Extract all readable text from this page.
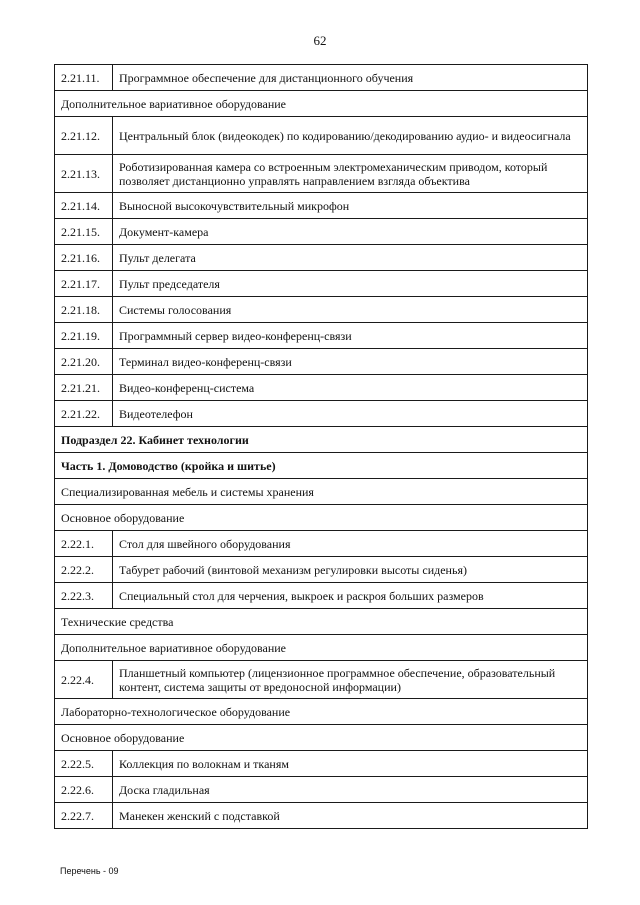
62
2.21.11.	Программное обеспечение для дистанционного обучения
Дополнительное вариативное оборудование	
2.21.12.	Центральный блок (видеокодек) по кодированию/декодированию аудио- и видеосигнала
2.21.13.	Роботизированная камера со встроенным электромеханическим приводом, который позволяет дистанционно управлять направлением взгляда объектива
2.21.14.	Выносной высокочувствительный микрофон
2.21.15.	Документ-камера
2.21.16.	Пульт делегата
2.21.17.	Пульт председателя
2.21.18.	Системы голосования
2.21.19.	Программный сервер видео-конференц-связи
2.21.20.	Терминал видео-конференц-связи
2.21.21.	Видео-конференц-система
2.21.22.	Видеотелефон
Подраздел 22. Кабинет технологии	
Часть 1. Домоводство (кройка и шитье)	
Специализированная мебель и системы хранения	
Основное оборудование	
2.22.1.	Стол для швейного оборудования
2.22.2.	Табурет рабочий (винтовой механизм регулировки высоты сиденья)
2.22.3.	Специальный стол для черчения, выкроек и раскроя больших размеров
Технические средства	
Дополнительное вариативное оборудование	
2.22.4.	Планшетный компьютер (лицензионное программное обеспечение, образовательный контент, система защиты от вредоносной информации)
Лабораторно-технологическое оборудование	
Основное оборудование	
2.22.5.	Коллекция по волокнам и тканям
2.22.6.	Доска гладильная
2.22.7.	Манекен женский с подставкой
Перечень - 09
